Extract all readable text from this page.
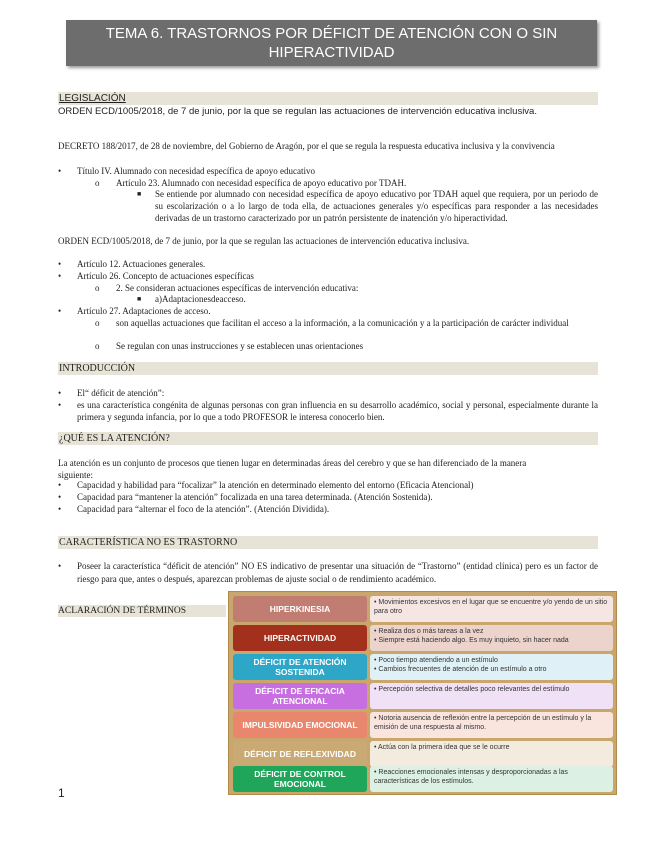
TEMA 6. TRASTORNOS POR DÉFICIT DE ATENCIÓN CON O SIN HIPERACTIVIDAD
LEGISLACIÓN
ORDEN ECD/1005/2018, de 7 de junio, por la que se regulan las actuaciones de intervención educativa inclusiva.
DECRETO 188/2017, de 28 de noviembre, del Gobierno de Aragón, por el que se regula la respuesta educativa inclusiva y la convivencia
• Título IV. Alumnado con necesidad específica de apoyo educativo
o Artículo 23. Alumnado con necesidad específica de apoyo educativo por TDAH.
■ Se entiende por alumnado con necesidad específica de apoyo educativo por TDAH aquel que requiera, por un periodo de su escolarización o a lo largo de toda ella, de actuaciones generales y/o específicas para responder a las necesidades derivadas de un trastorno caracterizado por un patrón persistente de inatención y/o hiperactividad.
ORDEN ECD/1005/2018, de 7 de junio, por la que se regulan las actuaciones de intervención educativa inclusiva.
• Artículo 12. Actuaciones generales.
• Artículo 26. Concepto de actuaciones específicas
o 2. Se consideran actuaciones específicas de intervención educativa:
■ a)Adaptacionesdeacceso.
• Artículo 27. Adaptaciones de acceso.
o son aquellas actuaciones que facilitan el acceso a la información, a la comunicación y a la participación de carácter individual
o Se regulan con unas instrucciones y se establecen unas orientaciones
INTRODUCCIÓN
• El“ déficit de atención”:
• es una característica congénita de algunas personas con gran influencia en su desarrollo académico, social y personal, especialmente durante la primera y segunda infancia, por lo que a todo PROFESOR le interesa conocerlo bien.
¿QUÉ ES LA ATENCIÓN?
La atención es un conjunto de procesos que tienen lugar en determinadas áreas del cerebro y que se han diferenciado de la manera siguiente:
• Capacidad y habilidad para “focalizar” la atención en determinado elemento del entorno (Eficacia Atencional)
• Capacidad para “mantener la atención” focalizada en una tarea determinada. (Atención Sostenida).
• Capacidad para “alternar el foco de la atención”. (Atención Dividida).
CARACTERÍSTICA NO ES TRASTORNO
• Poseer la característica “déficit de atención” NO ES indicativo de presentar una situación de “Trastorno” (entidad clínica) pero es un factor de riesgo para que, antes o después, aparezcan problemas de ajuste social o de rendimiento académico.
ACLARACIÓN DE TÉRMINOS	HIPERKINESIA
• Movimientos excesivos en el lugar que se encuentre y/o yendo de un sitio para otro
HIPERACTIVIDAD
• Realiza dos o más tareas a la vez
• Siempre está haciendo algo. Es muy inquieto, sin hacer nada
DÉFICIT DE ATENCIÓN SOSTENIDA
• Poco tiempo atendiendo a un estímulo
• Cambios frecuentes de atención de un estímulo a otro
DÉFICIT DE EFICACIA ATENCIONAL
• Percepción selectiva de detalles poco relevantes del estímulo
IMPULSIVIDAD EMOCIONAL
• Notoria ausencia de reflexión entre la percepción de un estímulo y la emisión de una respuesta al mismo.
DÉFICIT DE REFLEXIVIDAD
• Actúa con la primera idea que se le ocurre
DÉFICIT DE CONTROL EMOCIONAL
• Reacciones emocionales intensas y desproporcionadas a las características de los estímulos.
1
